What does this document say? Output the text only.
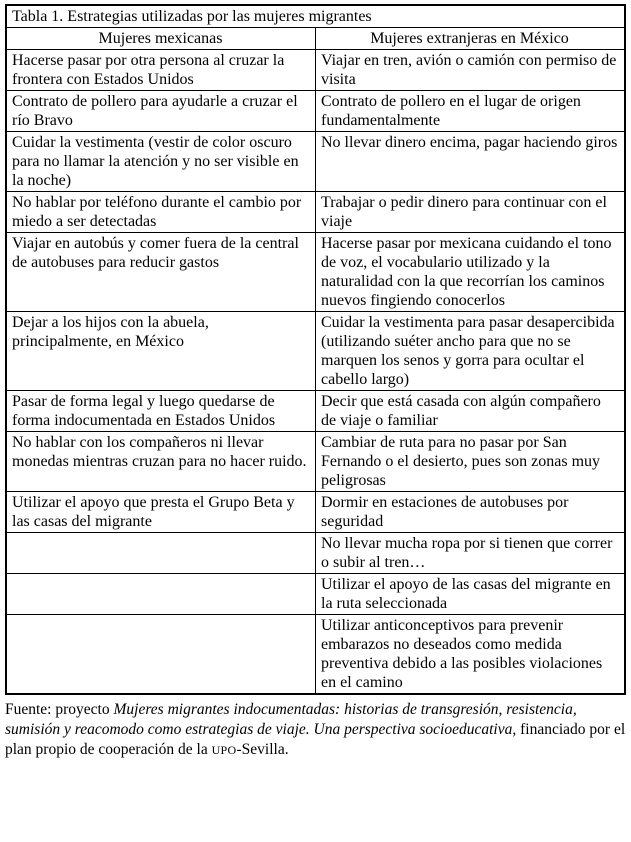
Tabla 1. Estrategias utilizadas por las mujeres migrantes	
Mujeres mexicanas	Mujeres extranjeras en México
Hacerse pasar por otra persona al cruzar la frontera con Estados Unidos	Viajar en tren, avión o camión con permiso de visita
Contrato de pollero para ayudarle a cruzar el río Bravo	Contrato de pollero en el lugar de origen fundamentalmente
Cuidar la vestimenta (vestir de color oscuro para no llamar la atención y no ser visible en la noche)	No llevar dinero encima, pagar haciendo giros
No hablar por teléfono durante el cambio por miedo a ser detectadas	Trabajar o pedir dinero para continuar con el viaje
Viajar en autobús y comer fuera de la central de autobuses para reducir gastos	Hacerse pasar por mexicana cuidando el tono de voz, el vocabulario utilizado y la naturalidad con la que recorrían los caminos nuevos fingiendo conocerlos
Dejar a los hijos con la abuela, principalmente, en México	Cuidar la vestimenta para pasar desapercibida (utilizando suéter ancho para que no se marquen los senos y gorra para ocultar el cabello largo)
Pasar de forma legal y luego quedarse de forma indocumentada en Estados Unidos	Decir que está casada con algún compañero de viaje o familiar
No hablar con los compañeros ni llevar monedas mientras cruzan para no hacer ruido.	Cambiar de ruta para no pasar por San Fernando o el desierto, pues son zonas muy peligrosas
Utilizar el apoyo que presta el Grupo Beta y las casas del migrante	Dormir en estaciones de autobuses por seguridad
	No llevar mucha ropa por si tienen que correr o subir al tren…
	Utilizar el apoyo de las casas del migrante en la ruta seleccionada
	Utilizar anticonceptivos para prevenir embarazos no deseados como medida preventiva debido a las posibles violaciones en el camino

Fuente: proyecto Mujeres migrantes indocumentadas: historias de transgresión, resistencia, sumisión y reacomodo como estrategias de viaje. Una perspectiva socioeducativa, financiado por el plan propio de cooperación de la UPO-Sevilla.
